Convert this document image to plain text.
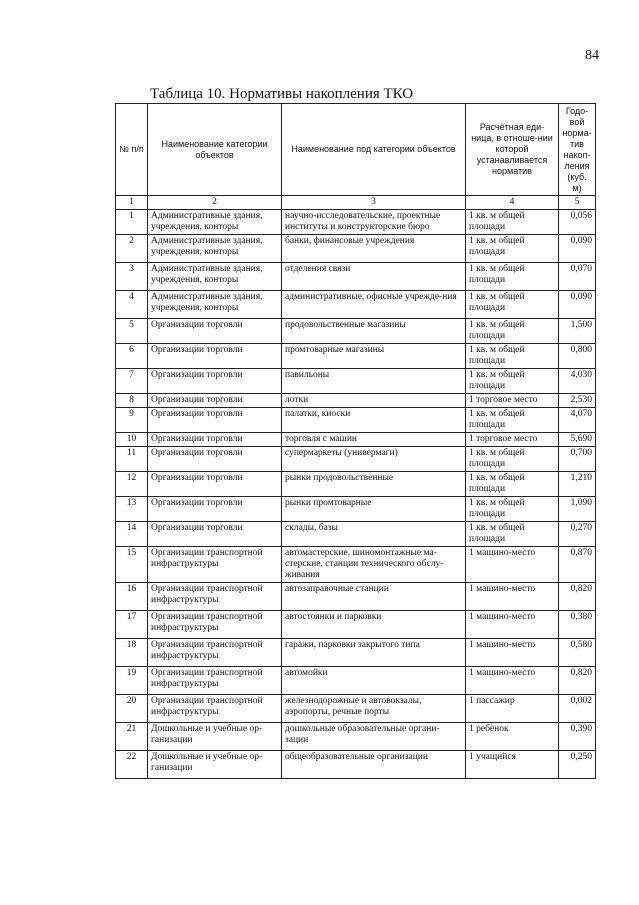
84
Таблица 10. Нормативы накопления ТКО
№ п/п	Наименование категории объектов	Наименование под категории объектов	Расчётная еди-ница, в отноше-нии которой устанавливается норматив	Годо-вой норма-тив накоп-ления (куб. м)
1	2	3	4	5
1	Административные здания, учреждения, конторы	научно-исследовательские, проектные институты и конструкторские бюро	1 кв. м общей площади	0,056
2	Административные здания, учреждения, конторы	банки, финансовые учреждения	1 кв. м общей площади	0,090
3	Административные здания, учреждения, конторы	отделения связи	1 кв. м общей площади	0,070
4	Административные здания, учреждения, конторы	административные, офисные учрежде-ния	1 кв. м общей площади	0,090
5	Организации торговли	продовольственные магазины	1 кв. м общей площади	1,500
6	Организации торговли	промтоварные магазины	1 кв. м общей площади	0,800
7	Организации торговли	павильоны	1 кв. м общей площади	4,030
8	Организации торговли	лотки	1 торговое место	2,530
9	Организации торговли	палатки, киоски	1 кв. м общей площади	4,070
10	Организации торговли	торговля с машин	1 торговое место	5,690
11	Организации торговли	супермаркеты (универмаги)	1 кв. м общей площади	0,700
12	Организации торговли	рынки продовольственные	1 кв. м общей площади	1,210
13	Организации торговли	рынки промтоварные	1 кв. м общей площади	1,090
14	Организации торговли	склады, базы	1 кв. м общей площади	0,270
15	Организации транспортной инфраструктуры	автомастерские, шиномонтажные ма-стерские, станции технического обслу-живания	1 машино-место	0,870
16	Организации транспортной инфраструктуры	автозаправочные станции	1 машино-место	0,820
17	Организации транспортной инфраструктуры	автостоянки и парковки	1 машино-место	0,380
18	Организации транспортной инфраструктуры	гаражи, парковки закрытого типа	1 машино-место	0,580
19	Организации транспортной инфраструктуры	автомойки	1 машино-место	0,820
20	Организации транспортной инфраструктуры	железнодорожные и автовокзалы, аэропорты, речные порты	1 пассажир	0,002
21	Дошкольные и учебные ор-ганизации	дошкольные образовательные органи-зации	1 ребёнок	0,390
22	Дошкольные и учебные ор-ганизации	общеобразовательные организации	1 учащийся	0,250
